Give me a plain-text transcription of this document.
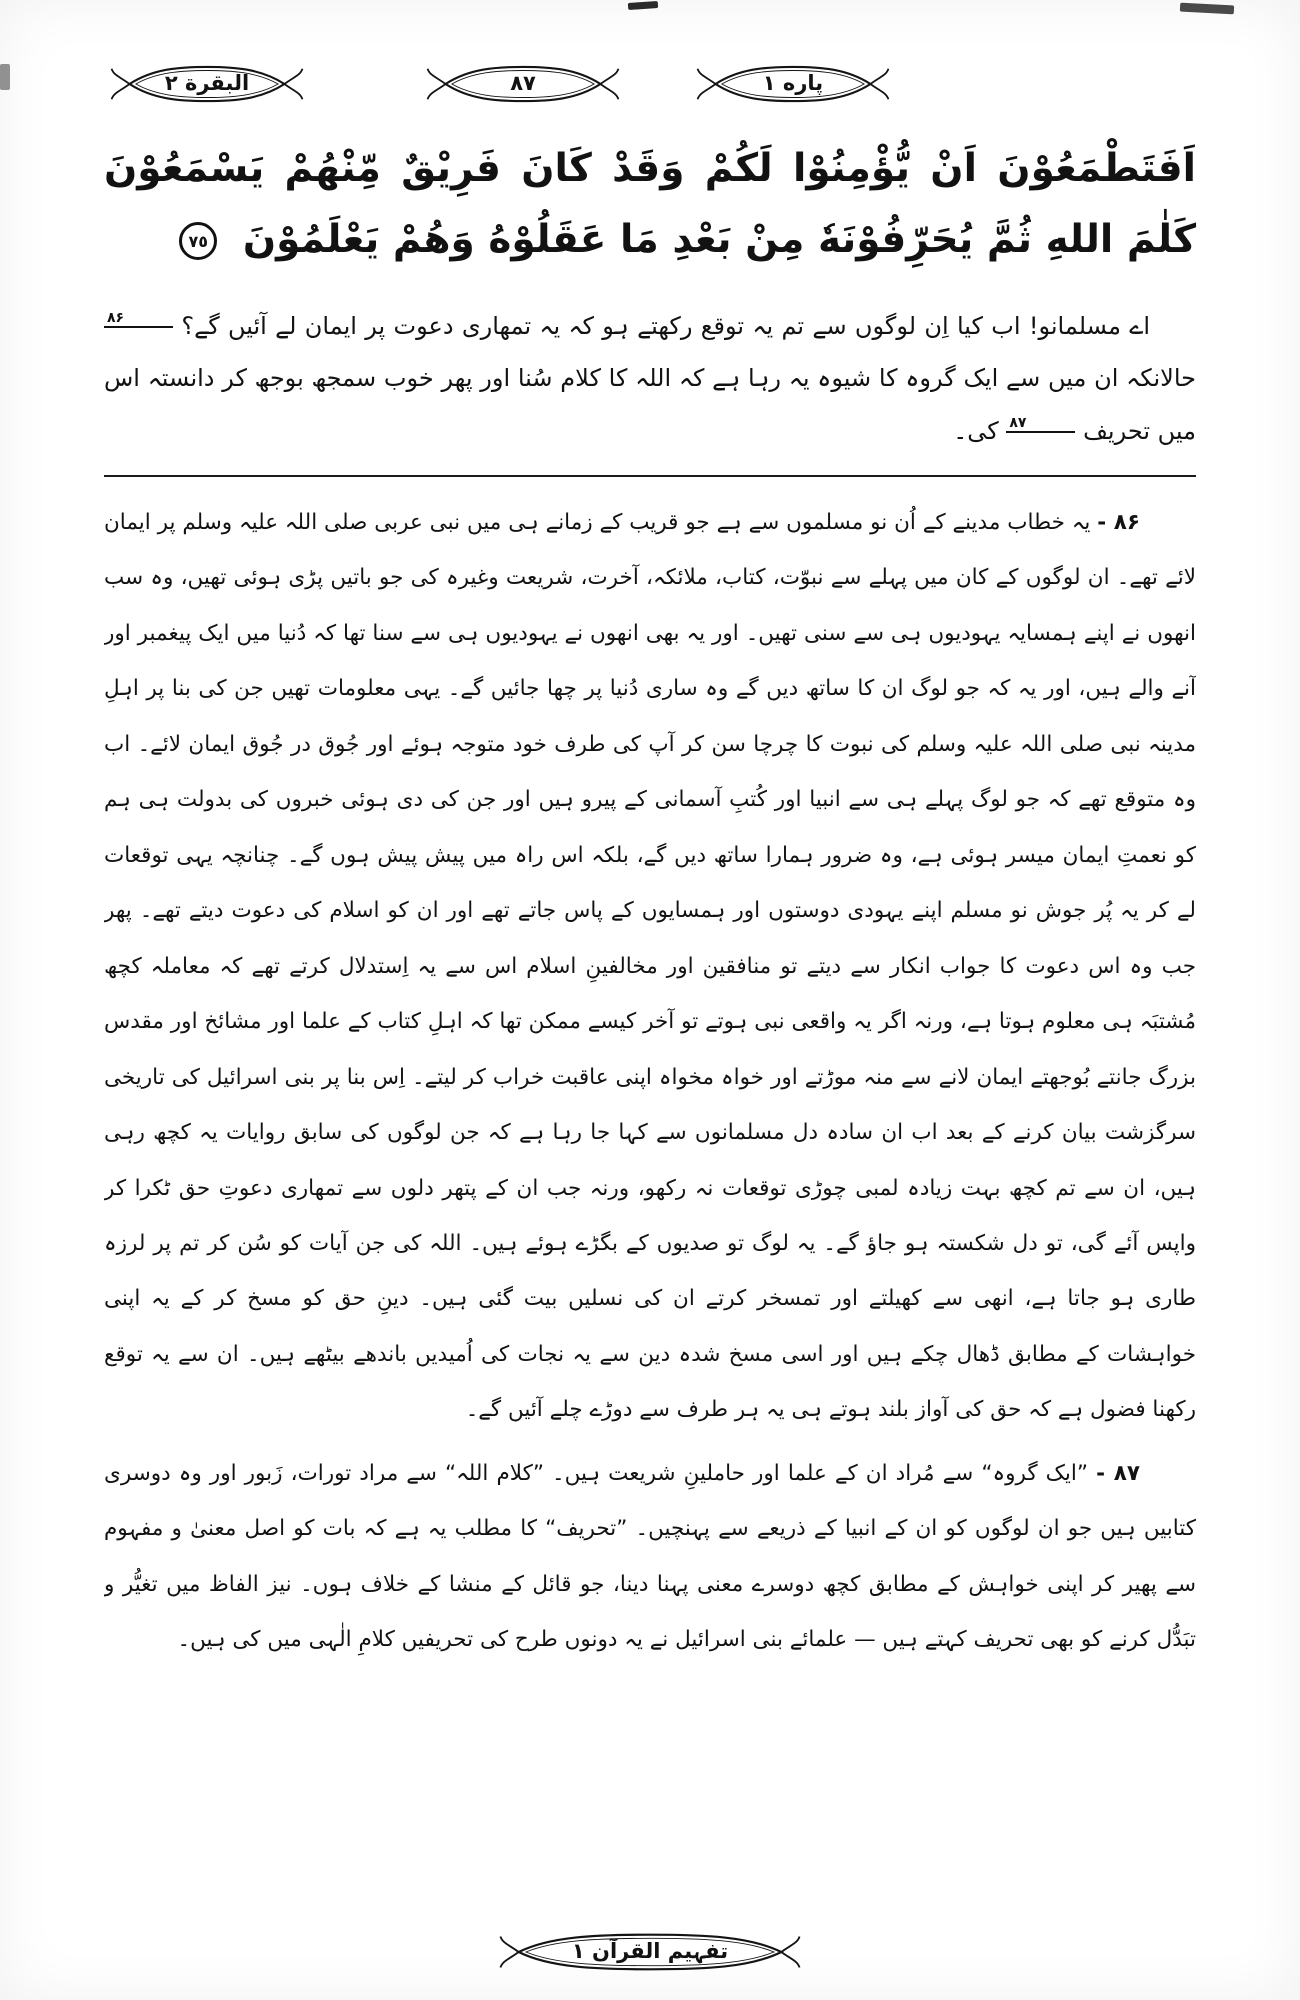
البقرة ٢	٨٧	پاره ١
اَفَتَطْمَعُوْنَ اَنْ يُّؤْمِنُوْا لَكُمْ وَقَدْ كَانَ فَرِيْقٌ مِّنْهُمْ يَسْمَعُوْنَ كَلٰمَ اللهِ ثُمَّ يُحَرِّفُوْنَهٗ مِنْ بَعْدِ مَا عَقَلُوْهُ وَهُمْ يَعْلَمُوْنَ ٧٥
اے مسلمانو! اب کیا اِن لوگوں سے تم یہ توقع رکھتے ہو کہ یہ تمھاری دعوت پر ایمان لے آئیں گے؟ ۸۶ حالانکہ ان میں سے ایک گروہ کا شیوہ یہ رہا ہے کہ اللہ کا کلام سُنا اور پھر خوب سمجھ بوجھ کر دانستہ اس میں تحریف ۸۷ کی۔

۸۶ - یہ خطاب مدینے کے اُن نو مسلموں سے ہے جو قریب کے زمانے ہی میں نبی عربی صلی اللہ علیہ وسلم پر ایمان لائے تھے۔ ان لوگوں کے کان میں پہلے سے نبوّت، کتاب، ملائکہ، آخرت، شریعت وغیرہ کی جو باتیں پڑی ہوئی تھیں، وہ سب انھوں نے اپنے ہمسایہ یہودیوں ہی سے سنی تھیں۔ اور یہ بھی انھوں نے یہودیوں ہی سے سنا تھا کہ دُنیا میں ایک پیغمبر اور آنے والے ہیں، اور یہ کہ جو لوگ ان کا ساتھ دیں گے وہ ساری دُنیا پر چھا جائیں گے۔ یہی معلومات تھیں جن کی بنا پر اہلِ مدینہ نبی صلی اللہ علیہ وسلم کی نبوت کا چرچا سن کر آپ کی طرف خود متوجہ ہوئے اور جُوق در جُوق ایمان لائے۔ اب وہ متوقع تھے کہ جو لوگ پہلے ہی سے انبیا اور کُتبِ آسمانی کے پیرو ہیں اور جن کی دی ہوئی خبروں کی بدولت ہی ہم کو نعمتِ ایمان میسر ہوئی ہے، وہ ضرور ہمارا ساتھ دیں گے، بلکہ اس راہ میں پیش پیش ہوں گے۔ چنانچہ یہی توقعات لے کر یہ پُر جوش نو مسلم اپنے یہودی دوستوں اور ہمسایوں کے پاس جاتے تھے اور ان کو اسلام کی دعوت دیتے تھے۔ پھر جب وہ اس دعوت کا جواب انکار سے دیتے تو منافقین اور مخالفینِ اسلام اس سے یہ اِستدلال کرتے تھے کہ معاملہ کچھ مُشتبَہ ہی معلوم ہوتا ہے، ورنہ اگر یہ واقعی نبی ہوتے تو آخر کیسے ممکن تھا کہ اہلِ کتاب کے علما اور مشائخ اور مقدس بزرگ جانتے بُوجھتے ایمان لانے سے منہ موڑتے اور خواہ مخواہ اپنی عاقبت خراب کر لیتے۔ اِس بنا پر بنی اسرائیل کی تاریخی سرگزشت بیان کرنے کے بعد اب ان سادہ دل مسلمانوں سے کہا جا رہا ہے کہ جن لوگوں کی سابق روایات یہ کچھ رہی ہیں، ان سے تم کچھ بہت زیادہ لمبی چوڑی توقعات نہ رکھو، ورنہ جب ان کے پتھر دلوں سے تمھاری دعوتِ حق ٹکرا کر واپس آئے گی، تو دل شکستہ ہو جاؤ گے۔ یہ لوگ تو صدیوں کے بگڑے ہوئے ہیں۔ اللہ کی جن آیات کو سُن کر تم پر لرزہ طاری ہو جاتا ہے، انھی سے کھیلتے اور تمسخر کرتے ان کی نسلیں بیت گئی ہیں۔ دینِ حق کو مسخ کر کے یہ اپنی خواہشات کے مطابق ڈھال چکے ہیں اور اسی مسخ شدہ دین سے یہ نجات کی اُمیدیں باندھے بیٹھے ہیں۔ ان سے یہ توقع رکھنا فضول ہے کہ حق کی آواز بلند ہوتے ہی یہ ہر طرف سے دوڑے چلے آئیں گے۔

۸۷ - ”ایک گروہ“ سے مُراد ان کے علما اور حاملینِ شریعت ہیں۔ ”کلام اللہ“ سے مراد تورات، زَبور اور وہ دوسری کتابیں ہیں جو ان لوگوں کو ان کے انبیا کے ذریعے سے پہنچیں۔ ”تحریف“ کا مطلب یہ ہے کہ بات کو اصل معنیٰ و مفہوم سے پھیر کر اپنی خواہش کے مطابق کچھ دوسرے معنی پہنا دینا، جو قائل کے منشا کے خلاف ہوں۔ نیز الفاظ میں تغیُّر و تبَدُّل کرنے کو بھی تحریف کہتے ہیں — علمائے بنی اسرائیل نے یہ دونوں طرح کی تحریفیں کلامِ الٰہی میں کی ہیں۔

تفہیم القرآن ١
